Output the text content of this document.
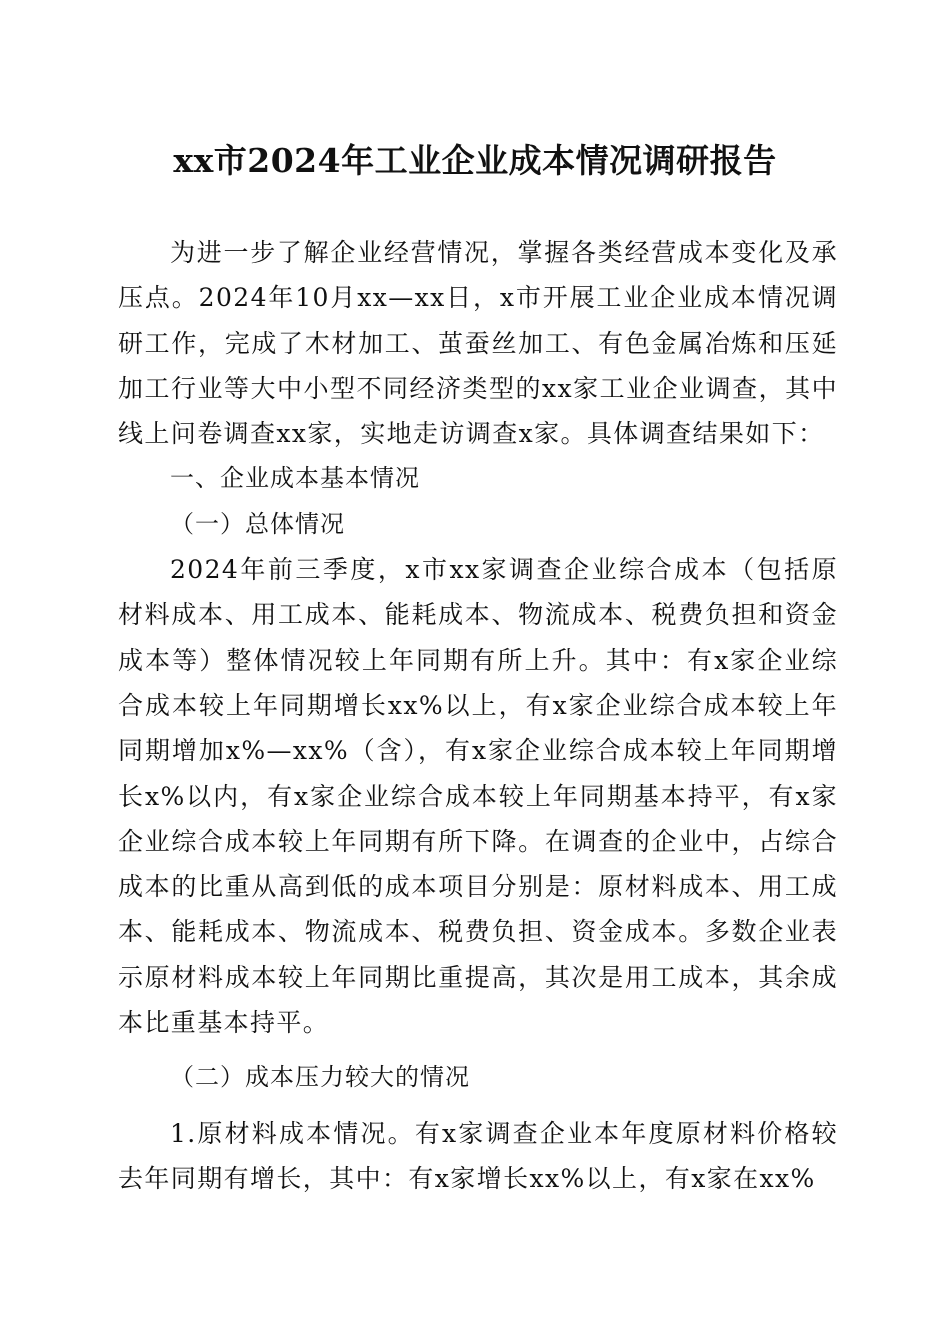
xx市2024年工业企业成本情况调研报告

为进一步了解企业经营情况，掌握各类经营成本变化及承压点。2024年10月xx—xx日，x市开展工业企业成本情况调研工作，完成了木材加工、茧蚕丝加工、有色金属冶炼和压延加工行业等大中小型不同经济类型的xx家工业企业调查，其中线上问卷调查xx家，实地走访调查x家。具体调查结果如下：

一、企业成本基本情况

（一）总体情况

2024年前三季度，x市xx家调查企业综合成本（包括原材料成本、用工成本、能耗成本、物流成本、税费负担和资金成本等）整体情况较上年同期有所上升。其中：有x家企业综合成本较上年同期增长xx%以上，有x家企业综合成本较上年同期增加x%—xx%（含），有x家企业综合成本较上年同期增长x%以内，有x家企业综合成本较上年同期基本持平，有x家企业综合成本较上年同期有所下降。在调查的企业中，占综合成本的比重从高到低的成本项目分别是：原材料成本、用工成本、能耗成本、物流成本、税费负担、资金成本。多数企业表示原材料成本较上年同期比重提高，其次是用工成本，其余成本比重基本持平。

（二）成本压力较大的情况

1.原材料成本情况。有x家调查企业本年度原材料价格较去年同期有增长，其中：有x家增长xx%以上，有x家在xx%
